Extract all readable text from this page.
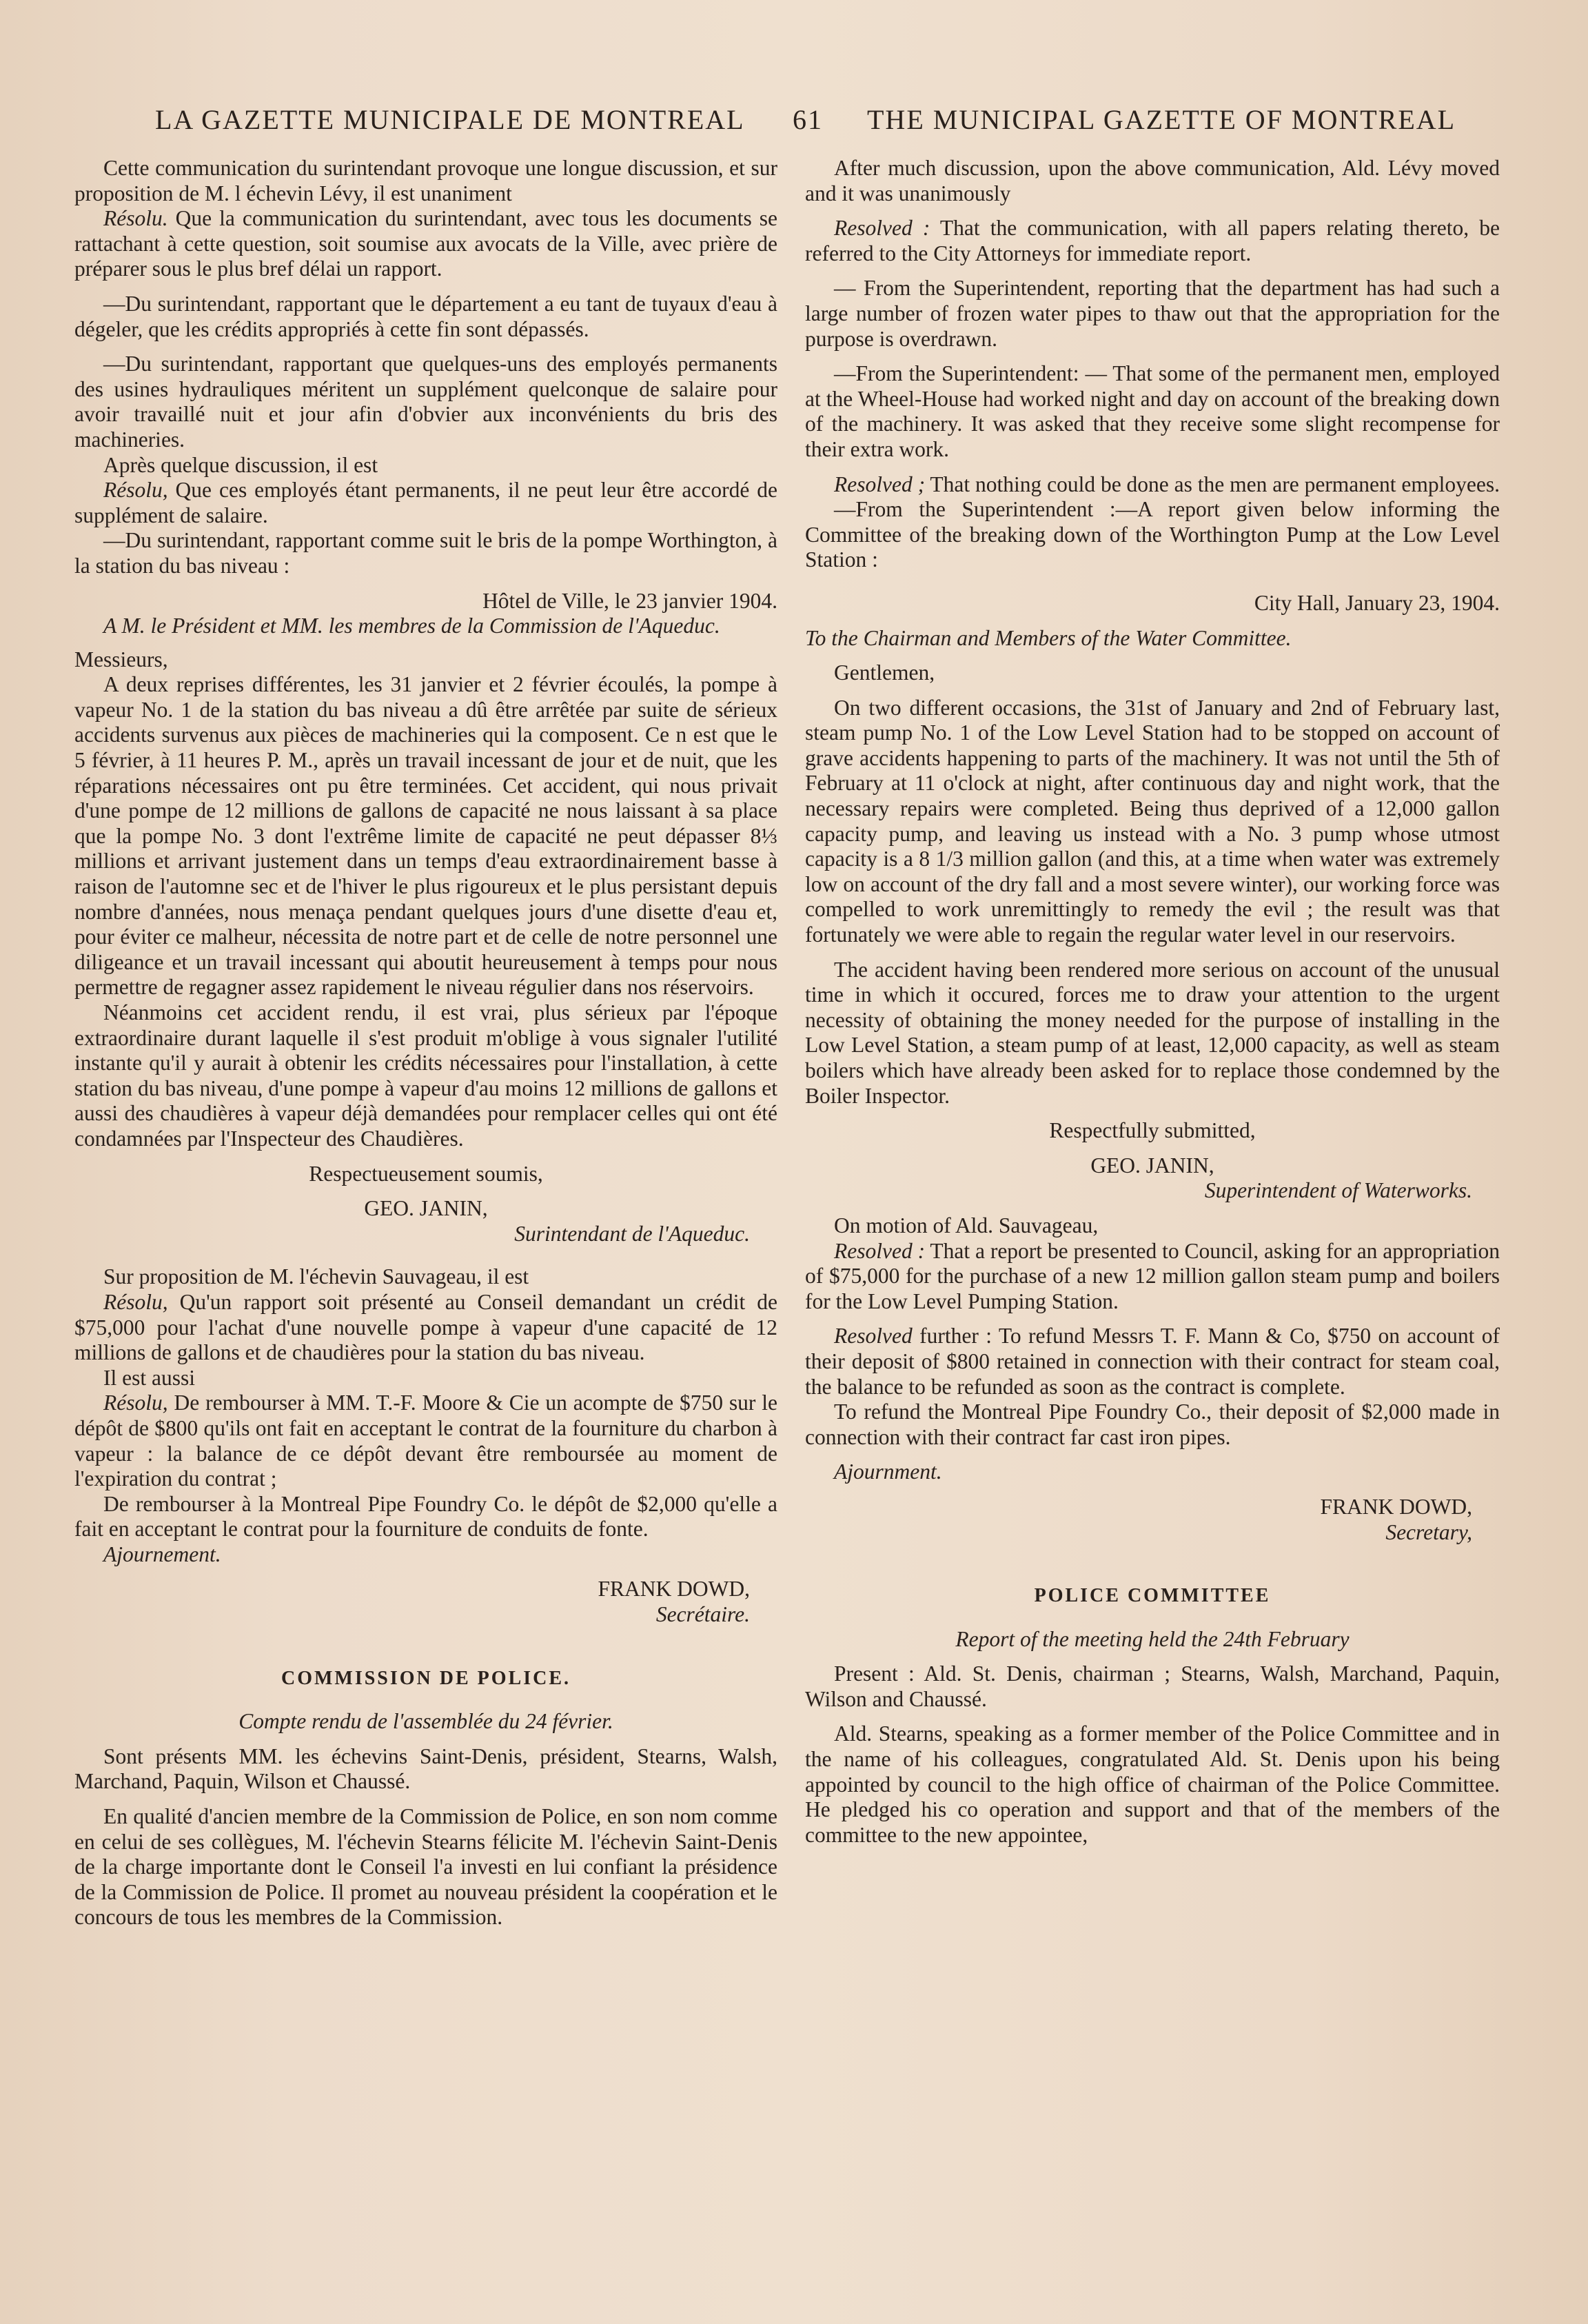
LA GAZETTE MUNICIPALE DE MONTREAL 61 THE MUNICIPAL GAZETTE OF MONTREAL

Cette communication du surintendant provoque une longue discussion, et sur proposition de M. l échevin Lévy, il est unaniment

Résolu. Que la communication du surintendant, avec tous les documents se rattachant à cette question, soit soumise aux avocats de la Ville, avec prière de préparer sous le plus bref délai un rapport.

—Du surintendant, rapportant que le département a eu tant de tuyaux d'eau à dégeler, que les crédits appropriés à cette fin sont dépassés.

—Du surintendant, rapportant que quelques-uns des employés permanents des usines hydrauliques méritent un supplément quelconque de salaire pour avoir travaillé nuit et jour afin d'obvier aux inconvénients du bris des machineries.

Après quelque discussion, il est

Résolu, Que ces employés étant permanents, il ne peut leur être accordé de supplément de salaire.

—Du surintendant, rapportant comme suit le bris de la pompe Worthington, à la station du bas niveau :

Hôtel de Ville, le 23 janvier 1904.

A M. le Président et MM. les membres de la Commission de l'Aqueduc.

Messieurs,

A deux reprises différentes, les 31 janvier et 2 février écoulés, la pompe à vapeur No. 1 de la station du bas niveau a dû être arrêtée par suite de sérieux accidents survenus aux pièces de machineries qui la composent. Ce n est que le 5 février, à 11 heures P. M., après un travail incessant de jour et de nuit, que les réparations nécessaires ont pu être terminées. Cet accident, qui nous privait d'une pompe de 12 millions de gallons de capacité ne nous laissant à sa place que la pompe No. 3 dont l'extrême limite de capacité ne peut dépasser 8⅓ millions et arrivant justement dans un temps d'eau extraordinairement basse à raison de l'automne sec et de l'hiver le plus rigoureux et le plus persistant depuis nombre d'années, nous menaça pendant quelques jours d'une disette d'eau et, pour éviter ce malheur, nécessita de notre part et de celle de notre personnel une diligeance et un travail incessant qui aboutit heureusement à temps pour nous permettre de regagner assez rapidement le niveau régulier dans nos réservoirs.

Néanmoins cet accident rendu, il est vrai, plus sérieux par l'époque extraordinaire durant laquelle il s'est produit m'oblige à vous signaler l'utilité instante qu'il y aurait à obtenir les crédits nécessaires pour l'installation, à cette station du bas niveau, d'une pompe à vapeur d'au moins 12 millions de gallons et aussi des chaudières à vapeur déjà demandées pour remplacer celles qui ont été condamnées par l'Inspecteur des Chaudières.

Respectueusement soumis,

GEO. JANIN,

Surintendant de l'Aqueduc.

Sur proposition de M. l'échevin Sauvageau, il est

Résolu, Qu'un rapport soit présenté au Conseil demandant un crédit de $75,000 pour l'achat d'une nouvelle pompe à vapeur d'une capacité de 12 millions de gallons et de chaudières pour la station du bas niveau.

Il est aussi

Résolu, De rembourser à MM. T.-F. Moore & Cie un acompte de $750 sur le dépôt de $800 qu'ils ont fait en acceptant le contrat de la fourniture du charbon à vapeur : la balance de ce dépôt devant être remboursée au moment de l'expiration du contrat ;

De rembourser à la Montreal Pipe Foundry Co. le dépôt de $2,000 qu'elle a fait en acceptant le contrat pour la fourniture de conduits de fonte.

Ajournement.

FRANK DOWD,

Secrétaire.

COMMISSION DE POLICE.

Compte rendu de l'assemblée du 24 février.

Sont présents MM. les échevins Saint-Denis, président, Stearns, Walsh, Marchand, Paquin, Wilson et Chaussé.

En qualité d'ancien membre de la Commission de Police, en son nom comme en celui de ses collègues, M. l'échevin Stearns félicite M. l'échevin Saint-Denis de la charge importante dont le Conseil l'a investi en lui confiant la présidence de la Commission de Police. Il promet au nouveau président la coopération et le concours de tous les membres de la Commission.

After much discussion, upon the above communication, Ald. Lévy moved and it was unanimously

Resolved : That the communication, with all papers relating thereto, be referred to the City Attorneys for immediate report.

— From the Superintendent, reporting that the department has had such a large number of frozen water pipes to thaw out that the appropriation for the purpose is overdrawn.

—From the Superintendent: — That some of the permanent men, employed at the Wheel-House had worked night and day on account of the breaking down of the machinery. It was asked that they receive some slight recompense for their extra work.

Resolved ; That nothing could be done as the men are permanent employees.

—From the Superintendent :—A report given below informing the Committee of the breaking down of the Worthington Pump at the Low Level Station :

City Hall, January 23, 1904.

To the Chairman and Members of the Water Committee.

Gentlemen,

On two different occasions, the 31st of January and 2nd of February last, steam pump No. 1 of the Low Level Station had to be stopped on account of grave accidents happening to parts of the machinery. It was not until the 5th of February at 11 o'clock at night, after continuous day and night work, that the necessary repairs were completed. Being thus deprived of a 12,000 gallon capacity pump, and leaving us instead with a No. 3 pump whose utmost capacity is a 8 1/3 million gallon (and this, at a time when water was extremely low on account of the dry fall and a most severe winter), our working force was compelled to work unremittingly to remedy the evil ; the result was that fortunately we were able to regain the regular water level in our reservoirs.

The accident having been rendered more serious on account of the unusual time in which it occured, forces me to draw your attention to the urgent necessity of obtaining the money needed for the purpose of installing in the Low Level Station, a steam pump of at least, 12,000 capacity, as well as steam boilers which have already been asked for to replace those condemned by the Boiler Inspector.

Respectfully submitted,

GEO. JANIN,

Superintendent of Waterworks.

On motion of Ald. Sauvageau,

Resolved : That a report be presented to Council, asking for an appropriation of $75,000 for the purchase of a new 12 million gallon steam pump and boilers for the Low Level Pumping Station.

Resolved further : To refund Messrs T. F. Mann & Co, $750 on account of their deposit of $800 retained in connection with their contract for steam coal, the balance to be refunded as soon as the contract is complete.

To refund the Montreal Pipe Foundry Co., their deposit of $2,000 made in connection with their contract far cast iron pipes.

Ajournment.

FRANK DOWD,

Secretary,

POLICE COMMITTEE

Report of the meeting held the 24th February

Present : Ald. St. Denis, chairman ; Stearns, Walsh, Marchand, Paquin, Wilson and Chaussé.

Ald. Stearns, speaking as a former member of the Police Committee and in the name of his colleagues, congratulated Ald. St. Denis upon his being appointed by council to the high office of chairman of the Police Committee. He pledged his co operation and support and that of the members of the committee to the new appointee,
